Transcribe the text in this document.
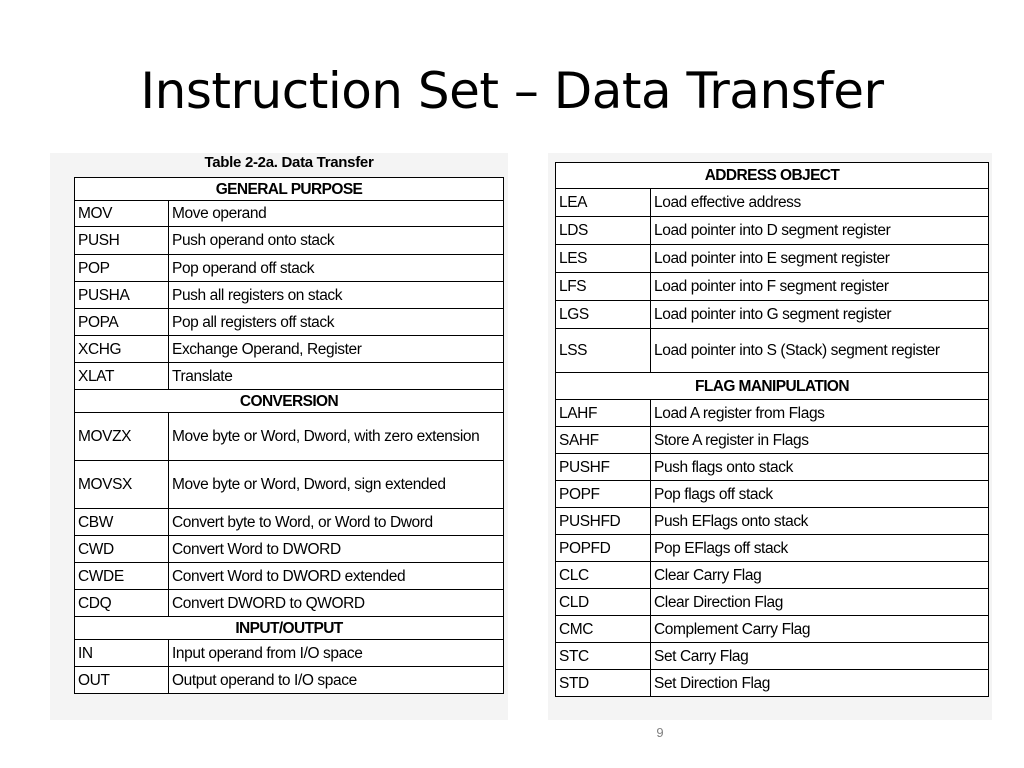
Instruction Set – Data Transfer
Table 2-2a. Data Transfer
GENERAL PURPOSE	
MOV	Move operand
PUSH	Push operand onto stack
POP	Pop operand off stack
PUSHA	Push all registers on stack
POPA	Pop all registers off stack
XCHG	Exchange Operand, Register
XLAT	Translate
CONVERSION	
MOVZX	Move byte or Word, Dword, with zero extension
MOVSX	Move byte or Word, Dword, sign extended
CBW	Convert byte to Word, or Word to Dword
CWD	Convert Word to DWORD
CWDE	Convert Word to DWORD extended
CDQ	Convert DWORD to QWORD
INPUT/OUTPUT	
IN	Input operand from I/O space
OUT	Output operand to I/O space
ADDRESS OBJECT	
LEA	Load effective address
LDS	Load pointer into D segment register
LES	Load pointer into E segment register
LFS	Load pointer into F segment register
LGS	Load pointer into G segment register
LSS	Load pointer into S (Stack) segment register
FLAG MANIPULATION	
LAHF	Load A register from Flags
SAHF	Store A register in Flags
PUSHF	Push flags onto stack
POPF	Pop flags off stack
PUSHFD	Push EFlags onto stack
POPFD	Pop EFlags off stack
CLC	Clear Carry Flag
CLD	Clear Direction Flag
CMC	Complement Carry Flag
STC	Set Carry Flag
STD	Set Direction Flag
9
